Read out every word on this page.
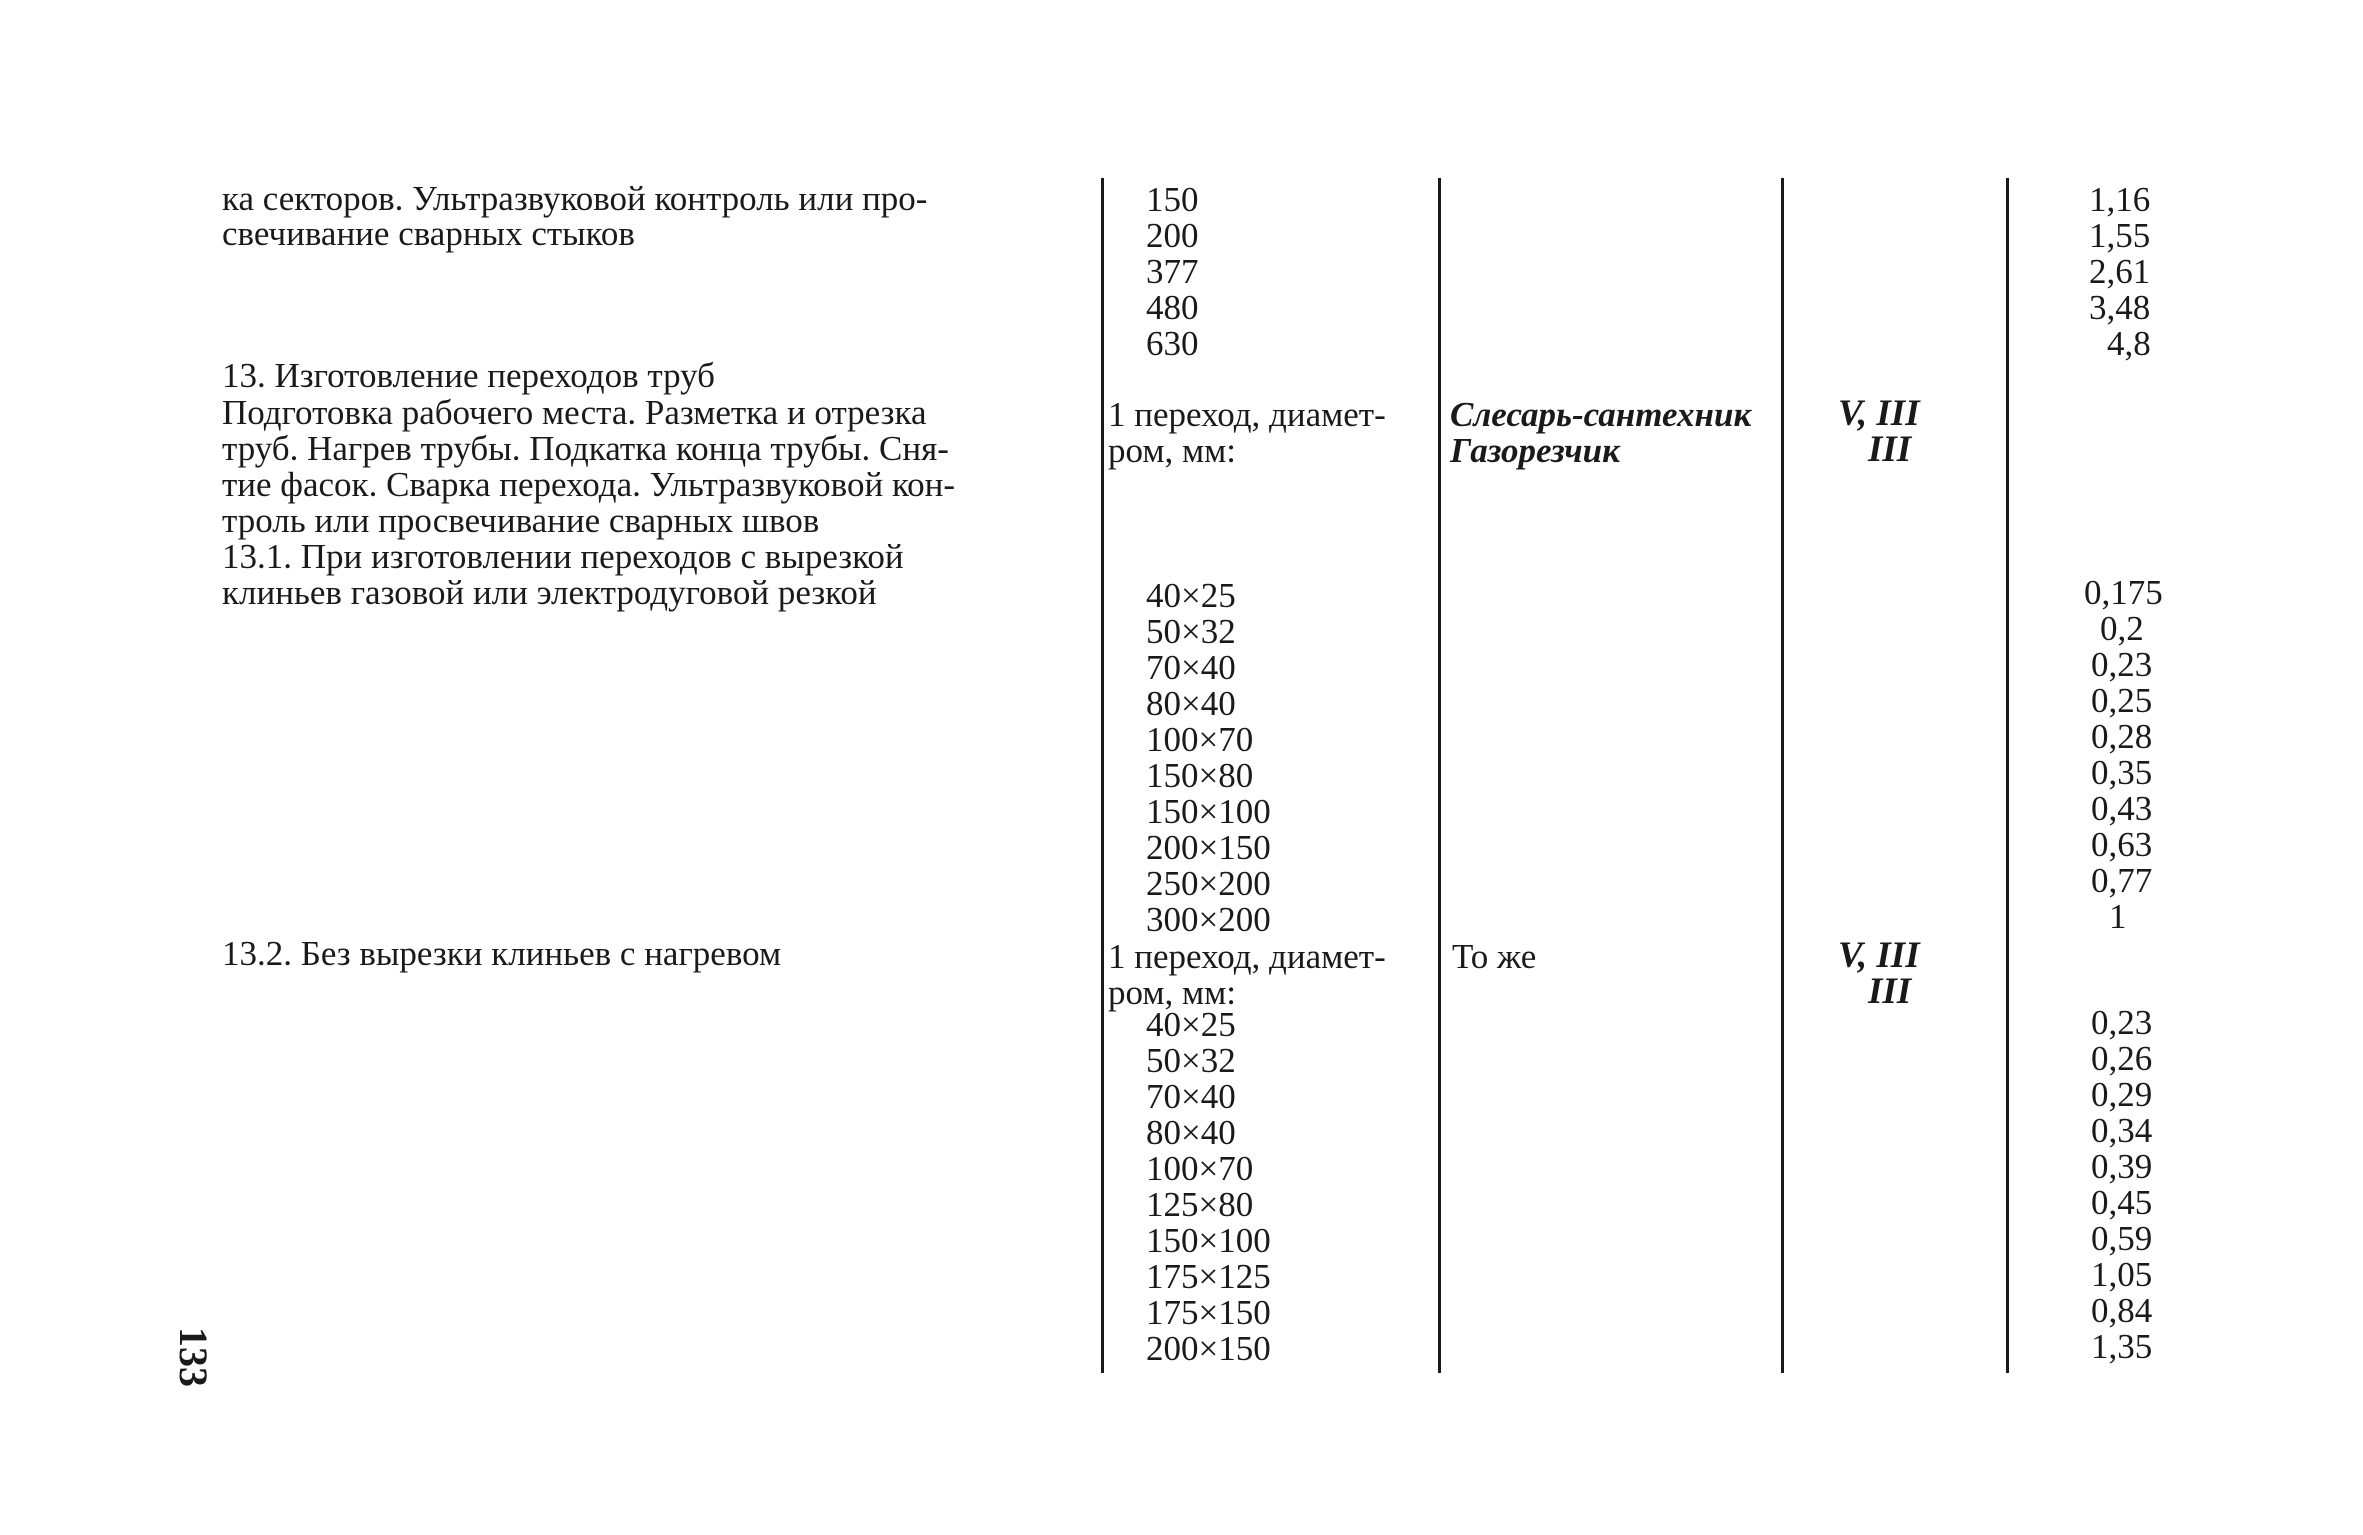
ка секторов. Ультразвуковой контроль или про-
свечивание сварных стыков
13. Изготовление переходов труб
Подготовка рабочего места. Разметка и отрезка
труб. Нагрев трубы. Подкатка конца трубы. Сня-
тие фасок. Сварка перехода. Ультразвуковой кон-
троль или просвечивание сварных швов
13.1. При изготовлении переходов с вырезкой
клиньев газовой или электродуговой резкой
13.2. Без вырезки клиньев с нагревом
150
200
377
480
630
1 переход, диамет-
ром, мм:
40×25
50×32
70×40
80×40
100×70
150×80
150×100
200×150
250×200
300×200
1 переход, диамет-
ром, мм:
40×25
50×32
70×40
80×40
100×70
125×80
150×100
175×125
175×150
200×150
Слесарь-сантехник
Газорезчик
То же
V, III
III
V, III
III
1,16
1,55
2,61
3,48
4,8
0,175
0,2
0,23
0,25
0,28
0,35
0,43
0,63
0,77
1
0,23
0,26
0,29
0,34
0,39
0,45
0,59
1,05
0,84
1,35
133
